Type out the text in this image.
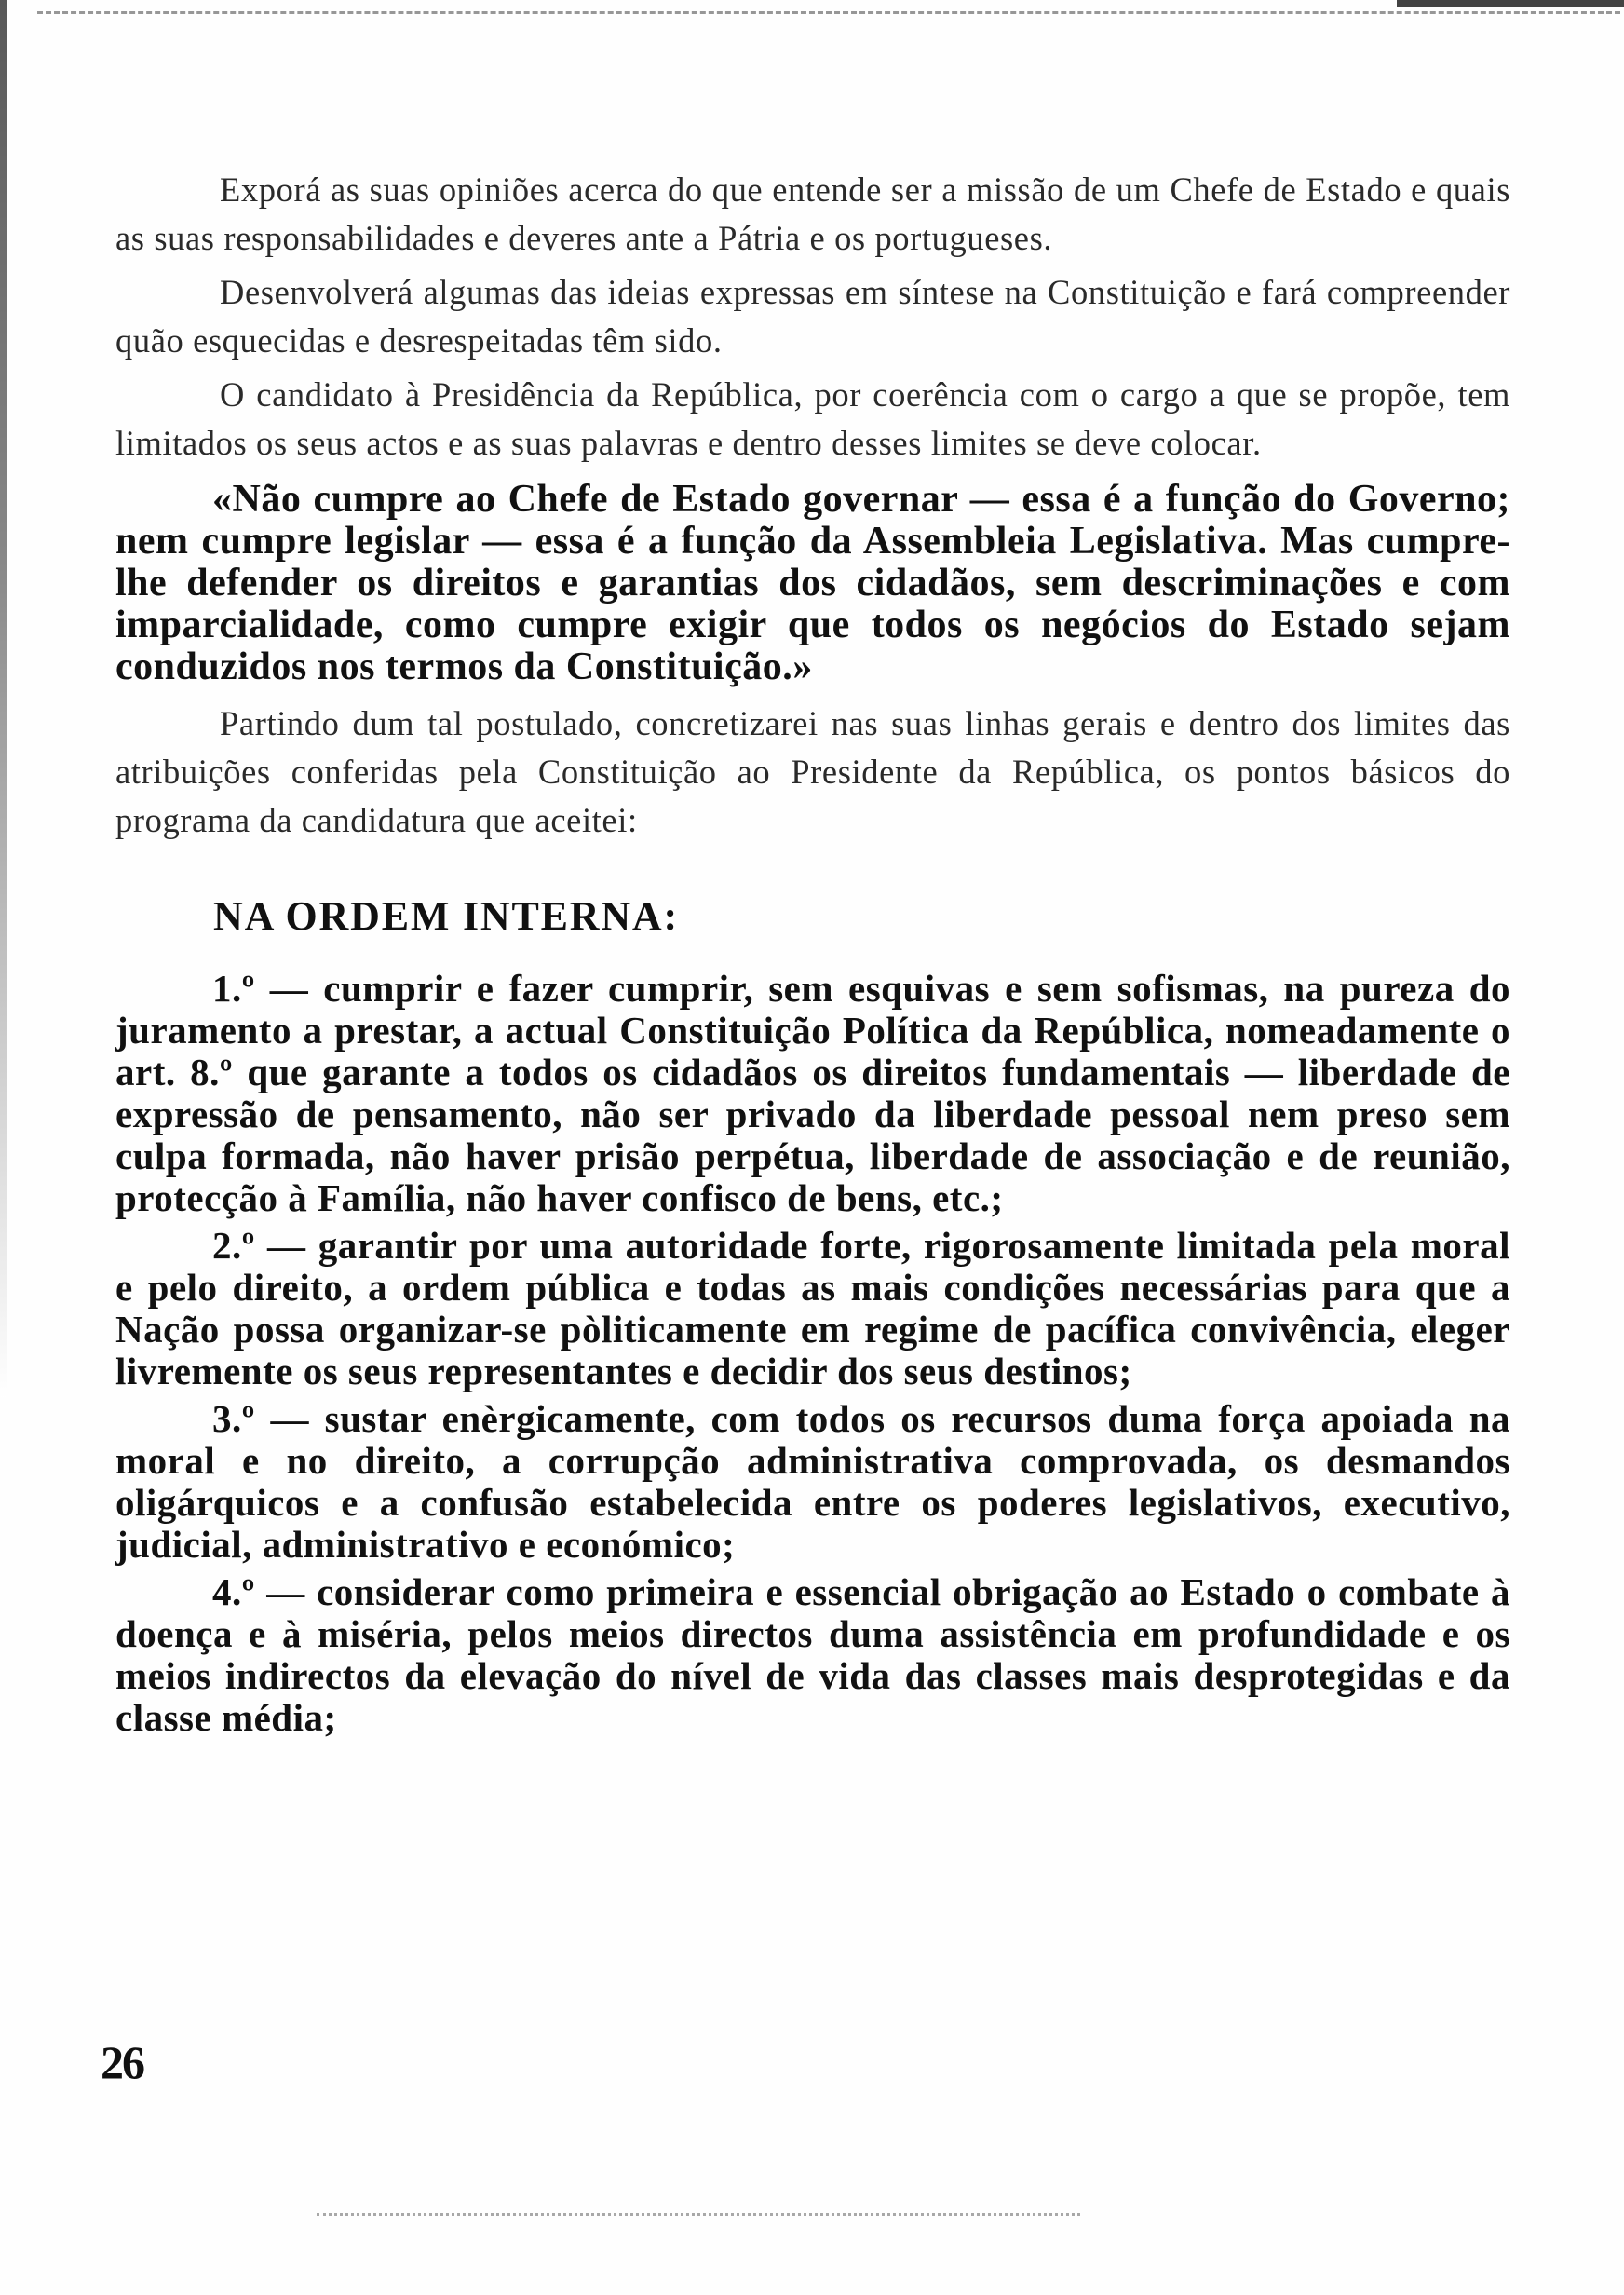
Exporá as suas opiniões acerca do que entende ser a missão de um Chefe de Estado e quais as suas responsabilidades e deveres ante a Pátria e os portugueses.

Desenvolverá algumas das ideias expressas em síntese na Constituição e fará compreender quão esquecidas e desrespeitadas têm sido.

O candidato à Presidência da República, por coerência com o cargo a que se propõe, tem limitados os seus actos e as suas palavras e dentro desses limites se deve colocar.

«Não cumpre ao Chefe de Estado governar — essa é a função do Governo; nem cumpre legislar — essa é a função da Assembleia Legislativa. Mas cumpre-lhe defender os direitos e garantias dos cidadãos, sem descriminações e com imparcialidade, como cumpre exigir que todos os negócios do Estado sejam conduzidos nos termos da Constituição.»

Partindo dum tal postulado, concretizarei nas suas linhas gerais e dentro dos limites das atribuições conferidas pela Constituição ao Presidente da República, os pontos básicos do programa da candidatura que aceitei:

NA ORDEM INTERNA:

1.º — cumprir e fazer cumprir, sem esquivas e sem sofismas, na pureza do juramento a prestar, a actual Constituição Política da República, nomeadamente o art. 8.º que garante a todos os cidadãos os direitos fundamentais — liberdade de expressão de pensamento, não ser privado da liberdade pessoal nem preso sem culpa formada, não haver prisão perpétua, liberdade de associação e de reunião, protecção à Família, não haver confisco de bens, etc.;

2.º — garantir por uma autoridade forte, rigorosamente limitada pela moral e pelo direito, a ordem pública e todas as mais condições necessárias para que a Nação possa organizar-se pòliticamente em regime de pacífica convivência, eleger livremente os seus representantes e decidir dos seus destinos;

3.º — sustar enèrgicamente, com todos os recursos duma força apoiada na moral e no direito, a corrupção administrativa comprovada, os desmandos oligárquicos e a confusão estabelecida entre os poderes legislativos, executivo, judicial, administrativo e económico;

4.º — considerar como primeira e essencial obrigação ao Estado o combate à doença e à miséria, pelos meios directos duma assistência em profundidade e os meios indirectos da elevação do nível de vida das classes mais desprotegidas e da classe média;

26
